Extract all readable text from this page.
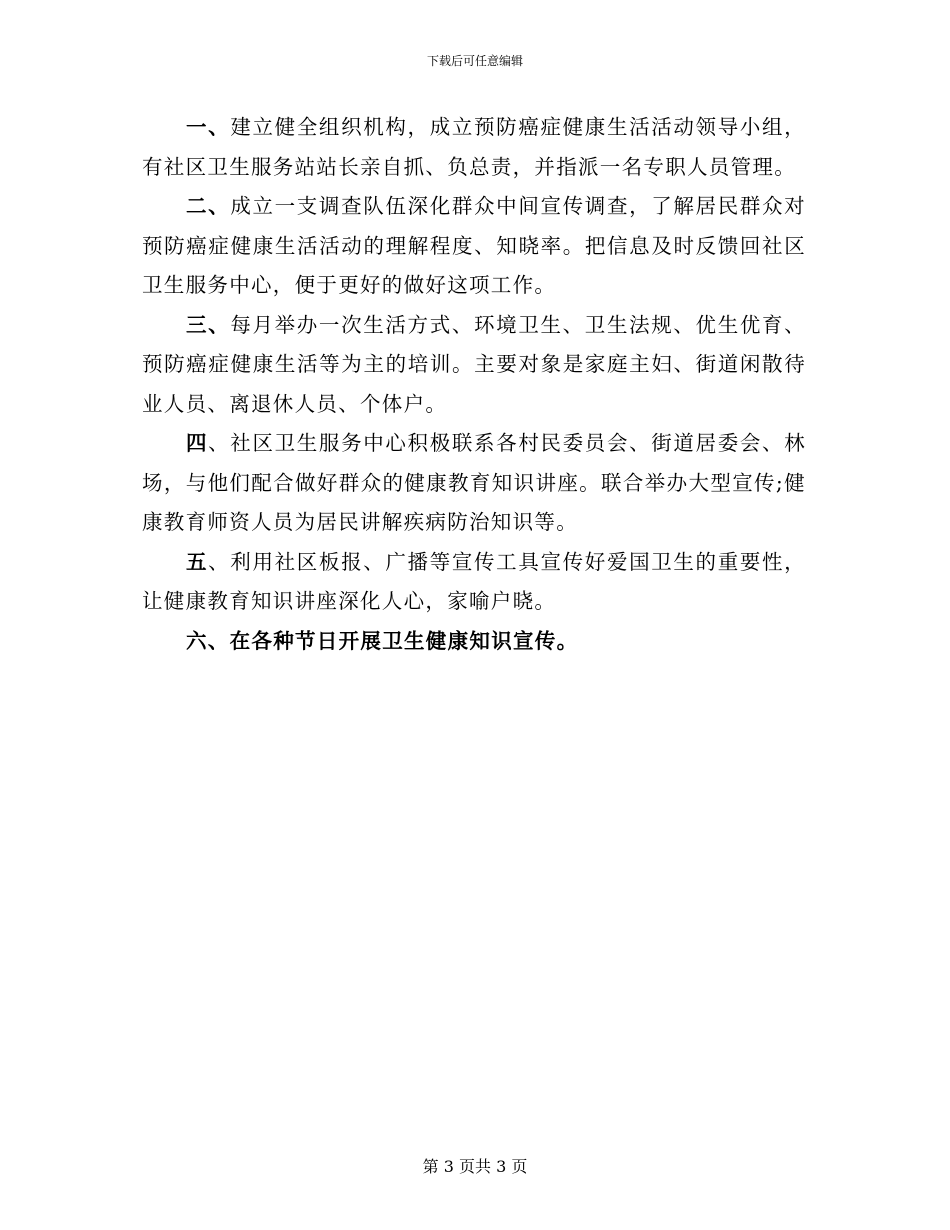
下载后可任意编辑

一、建立健全组织机构，成立预防癌症健康生活活动领导小组，有社区卫生服务站站长亲自抓、负总责，并指派一名专职人员管理。

二、成立一支调查队伍深化群众中间宣传调查，了解居民群众对预防癌症健康生活活动的理解程度、知晓率。把信息及时反馈回社区卫生服务中心，便于更好的做好这项工作。

三、每月举办一次生活方式、环境卫生、卫生法规、优生优育、预防癌症健康生活等为主的培训。主要对象是家庭主妇、街道闲散待业人员、离退休人员、个体户。

四、社区卫生服务中心积极联系各村民委员会、街道居委会、林场，与他们配合做好群众的健康教育知识讲座。联合举办大型宣传;健康教育师资人员为居民讲解疾病防治知识等。

五、利用社区板报、广播等宣传工具宣传好爱国卫生的重要性，让健康教育知识讲座深化人心，家喻户晓。

六、在各种节日开展卫生健康知识宣传。

第 3 页共 3 页
